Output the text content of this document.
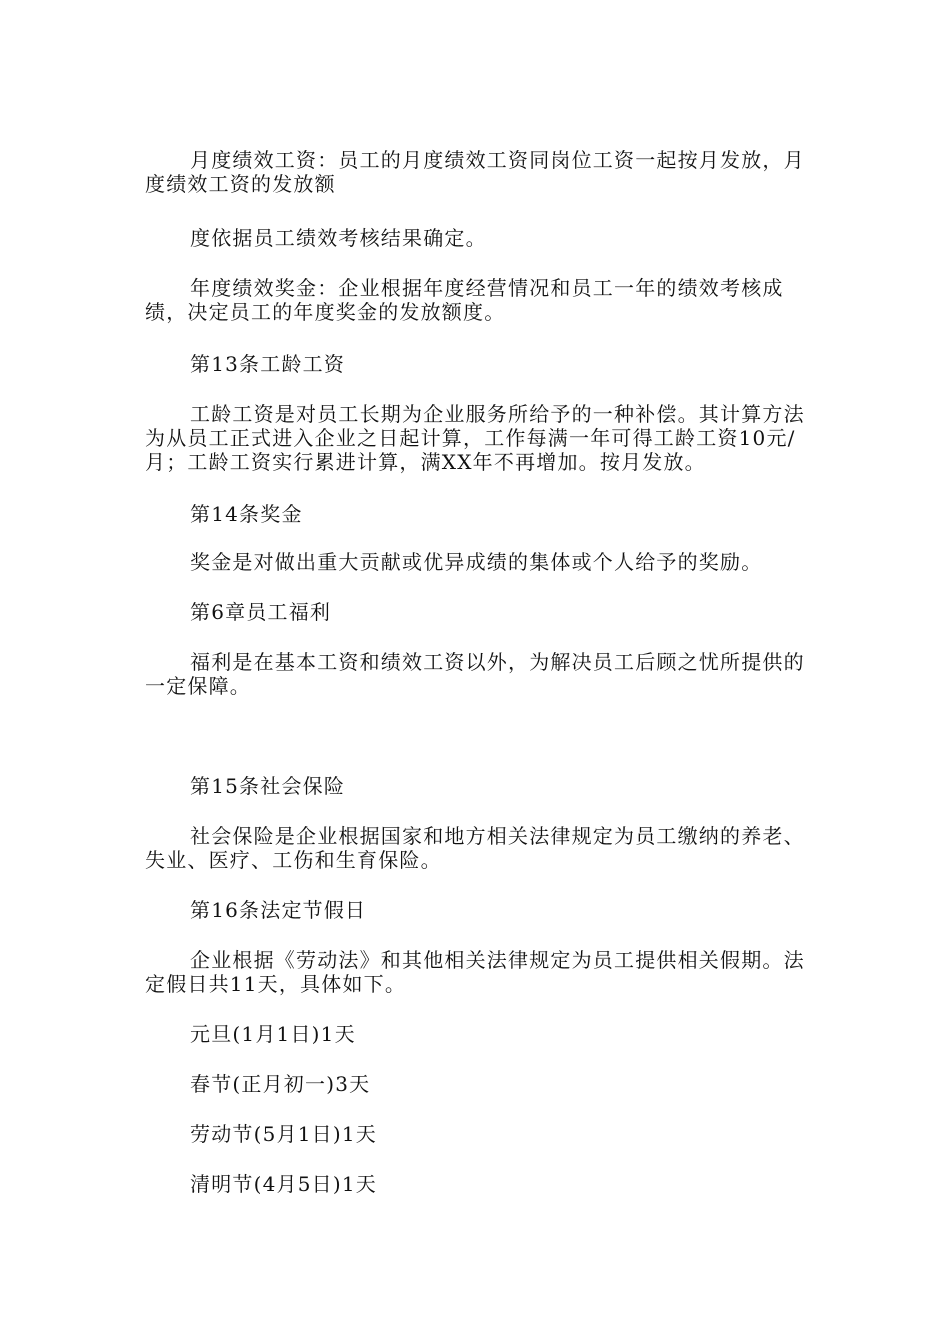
月度绩效工资：员工的月度绩效工资同岗位工资一起按月发放，月度绩效工资的发放额

度依据员工绩效考核结果确定。

年度绩效奖金：企业根据年度经营情况和员工一年的绩效考核成绩，决定员工的年度奖金的发放额度。

第13条工龄工资

工龄工资是对员工长期为企业服务所给予的一种补偿。其计算方法为从员工正式进入企业之日起计算，工作每满一年可得工龄工资10元/月；工龄工资实行累进计算，满XX年不再增加。按月发放。

第14条奖金

奖金是对做出重大贡献或优异成绩的集体或个人给予的奖励。

第6章员工福利

福利是在基本工资和绩效工资以外，为解决员工后顾之忧所提供的一定保障。

第15条社会保险

社会保险是企业根据国家和地方相关法律规定为员工缴纳的养老、失业、医疗、工伤和生育保险。

第16条法定节假日

企业根据《劳动法》和其他相关法律规定为员工提供相关假期。法定假日共11天，具体如下。

元旦(1月1日)1天

春节(正月初一)3天

劳动节(5月1日)1天

清明节(4月5日)1天
